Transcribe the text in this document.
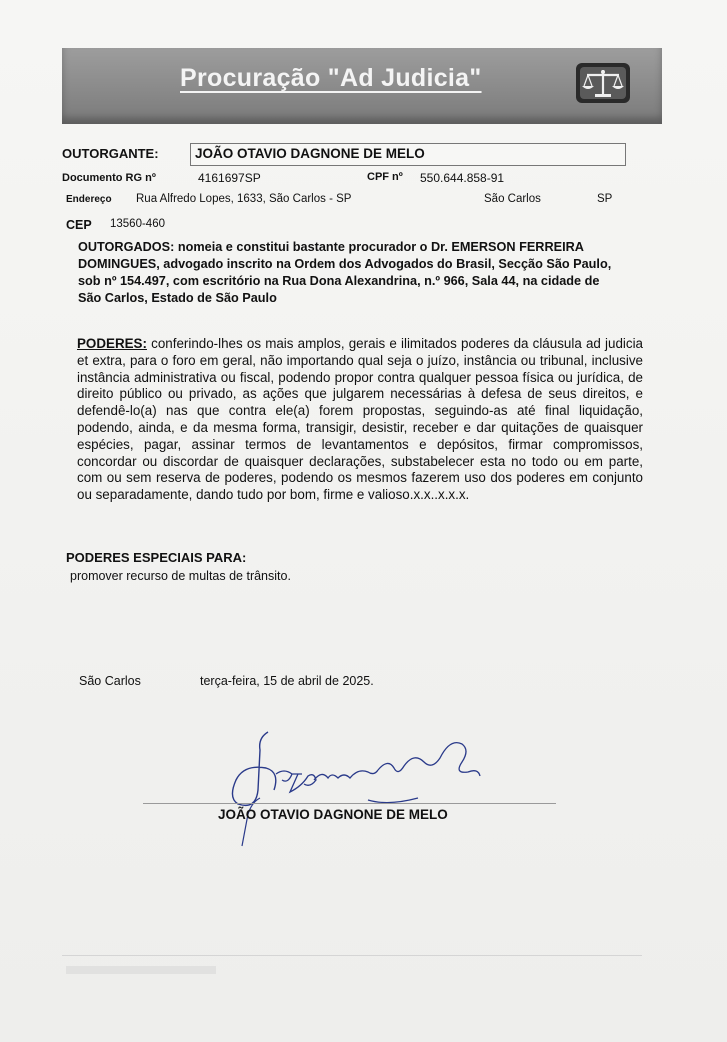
Procuração "Ad Judicia"
OUTORGANTE:	JOÃO OTAVIO DAGNONE DE MELO
Documento RG nº	4161697SP	CPF nº 550.644.858-91
Endereço Rua Alfredo Lopes, 1633, São Carlos - SP	São Carlos	SP
CEP 13560-460
OUTORGADOS: nomeia e constitui bastante procurador o Dr. EMERSON FERREIRA DOMINGUES, advogado inscrito na Ordem dos Advogados do Brasil, Secção São Paulo, sob nº 154.497, com escritório na Rua Dona Alexandrina, n.º 966, Sala 44, na cidade de São Carlos, Estado de São Paulo
PODERES: conferindo-lhes os mais amplos, gerais e ilimitados poderes da cláusula ad judicia et extra, para o foro em geral, não importando qual seja o juízo, instância ou tribunal, inclusive instância administrativa ou fiscal, podendo propor contra qualquer pessoa física ou jurídica, de direito público ou privado, as ações que julgarem necessárias à defesa de seus direitos, e defendê-lo(a) nas que contra ele(a) forem propostas, seguindo-as até final liquidação, podendo, ainda, e da mesma forma, transigir, desistir, receber e dar quitações de quaisquer espécies, pagar, assinar termos de levantamentos e depósitos, firmar compromissos, concordar ou discordar de quaisquer declarações, substabelecer esta no todo ou em parte, com ou sem reserva de poderes, podendo os mesmos fazerem uso dos poderes em conjunto ou separadamente, dando tudo por bom, firme e valioso.x.x..x.x.x.
PODERES ESPECIAIS PARA:
promover recurso de multas de trânsito.
São Carlos	terça-feira, 15 de abril de 2025.
JOÃO OTAVIO DAGNONE DE MELO
